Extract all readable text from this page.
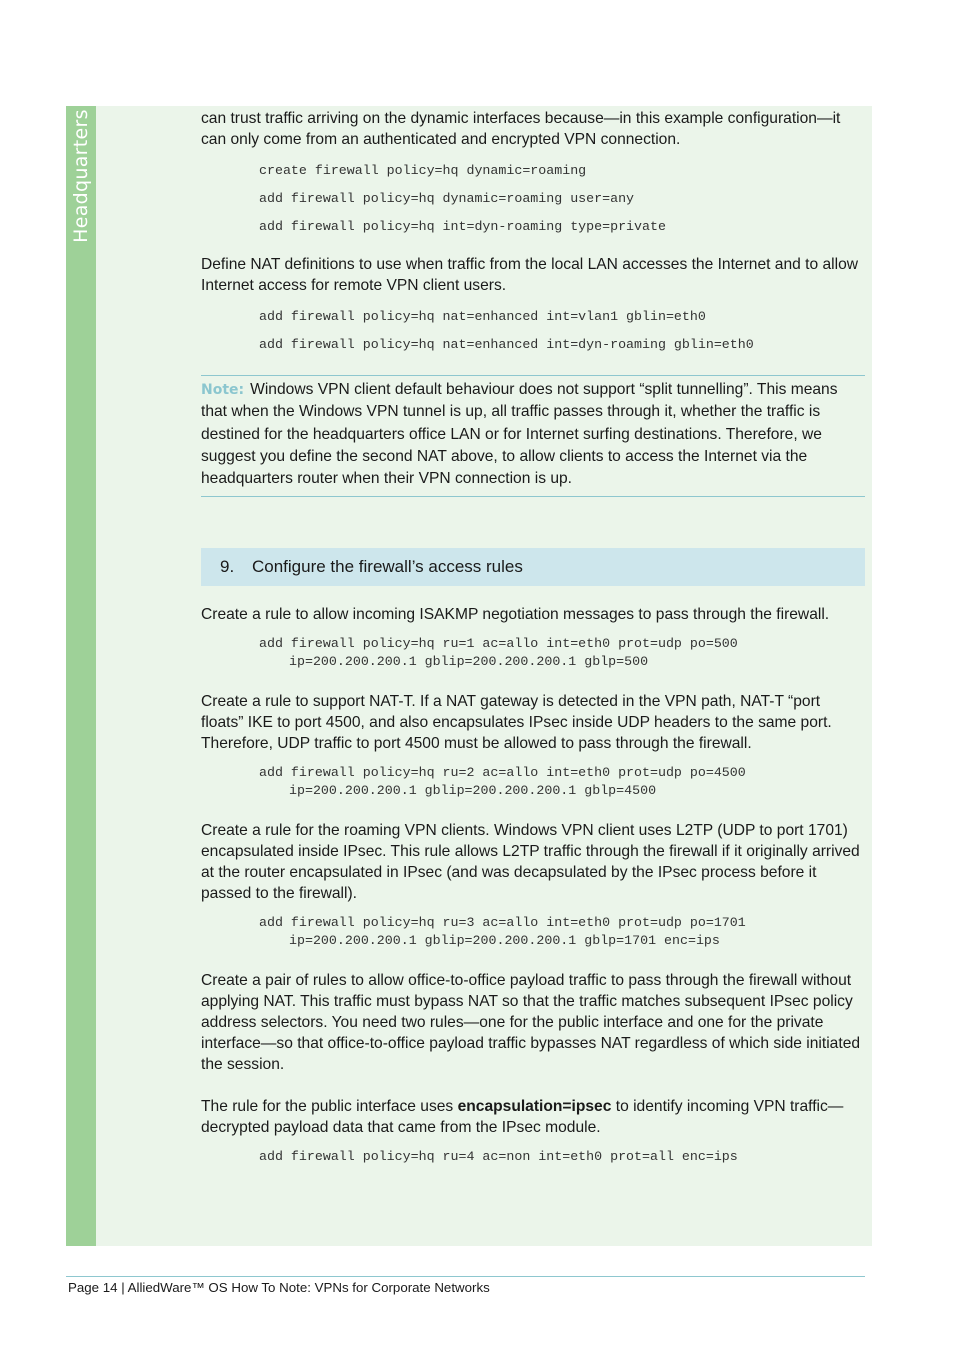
Headquarters	can trust traffic arriving on the dynamic interfaces because—in this example configuration—it can only come from an authenticated and encrypted VPN connection.

create firewall policy=hq dynamic=roaming

add firewall policy=hq dynamic=roaming user=any

add firewall policy=hq int=dyn-roaming type=private

Define NAT definitions to use when traffic from the local LAN accesses the Internet and to allow Internet access for remote VPN client users.

add firewall policy=hq nat=enhanced int=vlan1 gblin=eth0

add firewall policy=hq nat=enhanced int=dyn-roaming gblin=eth0

Note: Windows VPN client default behaviour does not support “split tunnelling”. This means that when the Windows VPN tunnel is up, all traffic passes through it, whether the traffic is destined for the headquarters office LAN or for Internet surfing destinations. Therefore, we suggest you define the second NAT above, to allow clients to access the Internet via the headquarters router when their VPN connection is up.
9.	Configure the firewall’s access rules

Create a rule to allow incoming ISAKMP negotiation messages to pass through the firewall.

add firewall policy=hq ru=1 ac=allo int=eth0 prot=udp po=500
ip=200.200.200.1 gblip=200.200.200.1 gblp=500

Create a rule to support NAT-T. If a NAT gateway is detected in the VPN path, NAT-T “port floats” IKE to port 4500, and also encapsulates IPsec inside UDP headers to the same port. Therefore, UDP traffic to port 4500 must be allowed to pass through the firewall.

add firewall policy=hq ru=2 ac=allo int=eth0 prot=udp po=4500
ip=200.200.200.1 gblip=200.200.200.1 gblp=4500

Create a rule for the roaming VPN clients. Windows VPN client uses L2TP (UDP to port 1701) encapsulated inside IPsec. This rule allows L2TP traffic through the firewall if it originally arrived at the router encapsulated in IPsec (and was decapsulated by the IPsec process before it passed to the firewall).

add firewall policy=hq ru=3 ac=allo int=eth0 prot=udp po=1701
ip=200.200.200.1 gblip=200.200.200.1 gblp=1701 enc=ips

Create a pair of rules to allow office-to-office payload traffic to pass through the firewall without applying NAT. This traffic must bypass NAT so that the traffic matches subsequent IPsec policy address selectors. You need two rules—one for the public interface and one for the private interface—so that office-to-office payload traffic bypasses NAT regardless of which side initiated the session.

The rule for the public interface uses encapsulation=ipsec to identify incoming VPN traffic—decrypted payload data that came from the IPsec module.

add firewall policy=hq ru=4 ac=non int=eth0 prot=all enc=ips

Page 14 | AlliedWare™ OS How To Note: VPNs for Corporate Networks
